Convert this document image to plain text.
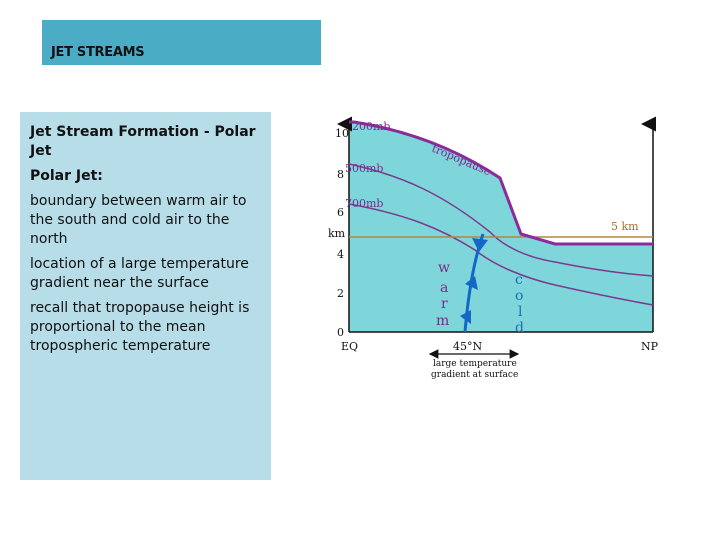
JET STREAMS

Jet Stream Formation - Polar Jet

Polar Jet:

boundary between warm air to the south and cold air to the north

location of a large temperature gradient near the surface

recall that tropopause height is proportional to the mean tropospheric temperature

10
8
6
km
4
2
0
5 km
tropopause
200mb
500mb
700mb
w
a
r
m
c
o
l
d
EQ	45°N	NP
large temperature
gradient at surface
